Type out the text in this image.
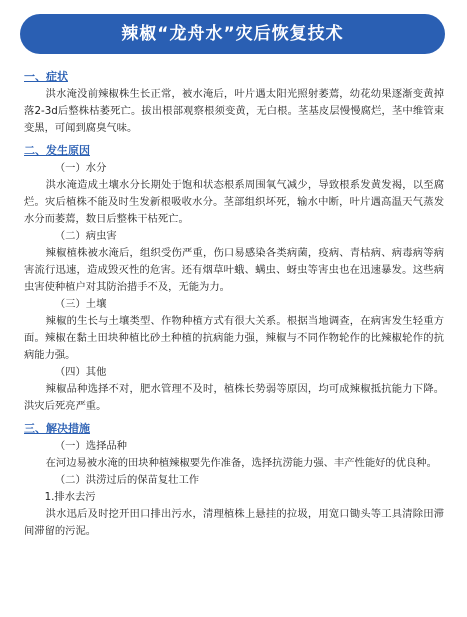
辣椒“龙舟水”灾后恢复技术
一、症状

洪水淹没前辣椒株生长正常，被水淹后，叶片遇太阳光照射萎蔫，幼花幼果逐渐变黄掉落2-3d后整株枯萎死亡。拔出根部观察根须变黄，无白根。茎基皮层慢慢腐烂，茎中维管束变黑，可闻到腐臭气味。

二、发生原因

（一）水分

洪水淹造成土壤水分长期处于饱和状态根系周围氧气减少，导致根系发黄发褐，以至腐烂。灾后植株不能及时生发新根吸收水分。茎部组织坏死，输水中断，叶片遇高温天气蒸发水分而萎蔫，数日后整株干枯死亡。

（二）病虫害

辣椒植株被水淹后，组织受伤严重，伤口易感染各类病菌，疫病、青枯病、病毒病等病害流行迅速，造成毁灭性的危害。还有烟草叶蛾、螨虫、蚜虫等害虫也在迅速暴发。这些病虫害使种植户对其防治措手不及，无能为力。

（三）土壤

辣椒的生长与土壤类型、作物种植方式有很大关系。根据当地调查，在病害发生轻重方面。辣椒在黏土田块种植比砂土种植的抗病能力强，辣椒与不同作物轮作的比辣椒轮作的抗病能力强。

（四）其他

辣椒品种选择不对，肥水管理不及时，植株长势弱等原因，均可成辣椒抵抗能力下降。洪灾后死亮严重。

三、解决措施

（一）选择品种

在河边易被水淹的田块种植辣椒要先作准备，选择抗涝能力强、丰产性能好的优良种。

（二）洪涝过后的保苗复壮工作

1.排水去污

洪水迅后及时挖开田口排出污水，清理植株上悬挂的拉圾，用宽口锄头等工具清除田滞间滞留的污泥。
